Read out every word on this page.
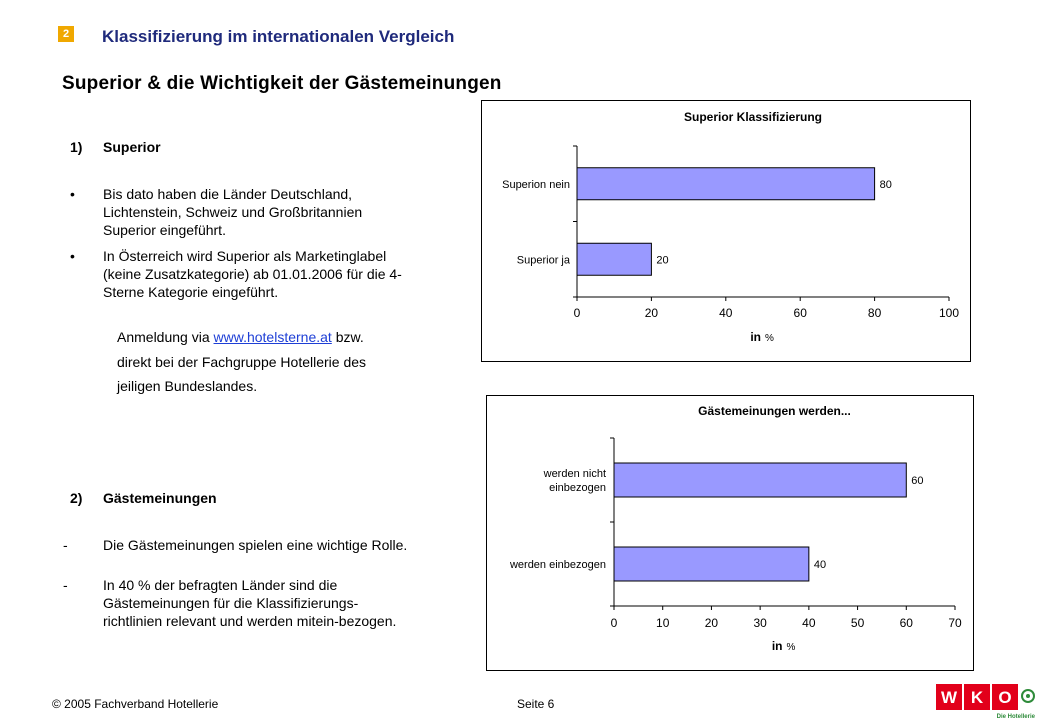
2 Klassifizierung im internationalen Vergleich
Superior & die Wichtigkeit der Gästemeinungen
1) Superior
•	Bis dato haben die Länder Deutschland, Lichtenstein, Schweiz und Großbritannien Superior eingeführt.
•	In Österreich wird Superior als Marketinglabel (keine Zusatzkategorie) ab 01.01.2006 für die 4-Sterne Kategorie eingeführt.
Anmeldung via www.hotelsterne.at bzw.
direkt bei der Fachgruppe Hotellerie des
jeiligen Bundeslandes.
2) Gästemeinungen
-	Die Gästemeinungen spielen eine wichtige Rolle.
-	In 40 % der befragten Länder sind die Gästemeinungen für die Klassifizierungs-richtlinien relevant und werden mitein-bezogen.
Superior Klassifizierung
0	20	40	60	80	100
80
Superion nein
20
Superior ja
in %
Gästemeinungen werden...
0	10	20	30	40	50	60	70
60
werden nicht
einbezogen
40
werden einbezogen
in %
© 2005 Fachverband Hotellerie	Seite 6	W K O
Die Hotellerie
